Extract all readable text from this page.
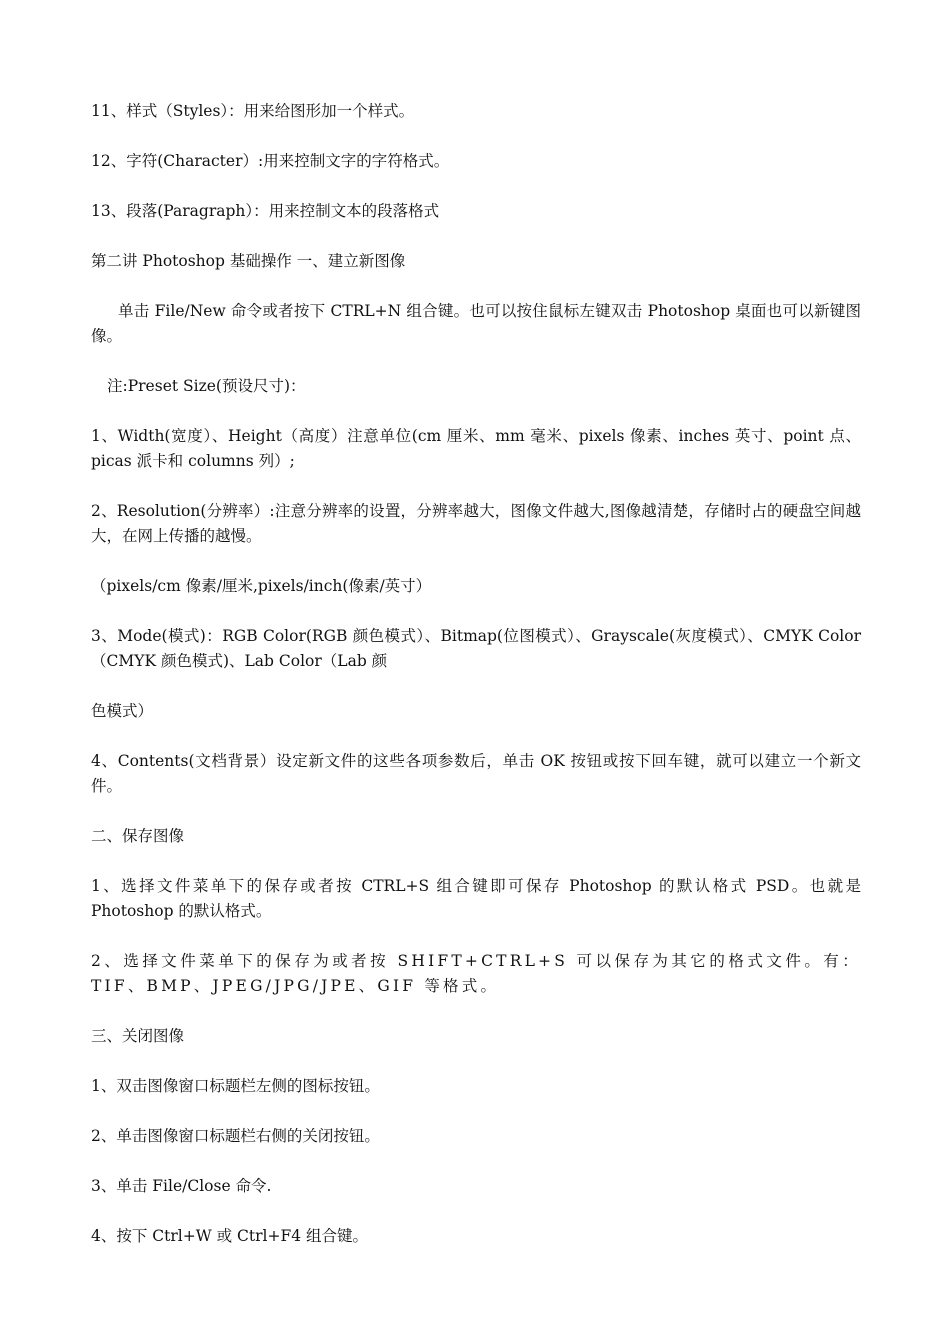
11、样式（Styles）：用来给图形加一个样式。

12、字符(Character）:用来控制文字的字符格式。

13、段落(Paragraph）：用来控制文本的段落格式

第二讲 Photoshop 基础操作 一、建立新图像

单击 File/New 命令或者按下 CTRL+N 组合键。也可以按住鼠标左键双击 Photoshop 桌面也可以新键图像。

注:Preset Size(预设尺寸)：

1、Width(宽度）、Height（高度）注意单位(cm 厘米、mm 毫米、pixels 像素、inches 英寸、point 点、picas 派卡和 columns 列）;

2、Resolution(分辨率）:注意分辨率的设置，分辨率越大，图像文件越大,图像越清楚，存储时占的硬盘空间越大，在网上传播的越慢。

（pixels/cm 像素/厘米,pixels/inch(像素/英寸）

3、Mode(模式)：RGB Color(RGB 颜色模式）、Bitmap(位图模式）、Grayscale(灰度模式）、CMYK Color（CMYK 颜色模式)、Lab Color（Lab 颜

色模式）

4、Contents(文档背景）设定新文件的这些各项参数后，单击 OK 按钮或按下回车键，就可以建立一个新文件。

二、保存图像

1、选择文件菜单下的保存或者按 CTRL+S 组合键即可保存 Photoshop 的默认格式 PSD。也就是 Photoshop 的默认格式。

2、选择文件菜单下的保存为或者按 SHIFT+CTRL+S 可以保存为其它的格式文件。有：TIF、BMP、JPEG/JPG/JPE、GIF 等格式。

三、关闭图像

1、双击图像窗口标题栏左侧的图标按钮。

2、单击图像窗口标题栏右侧的关闭按钮。

3、单击 File/Close 命令.

4、按下 Ctrl+W 或 Ctrl+F4 组合键。
